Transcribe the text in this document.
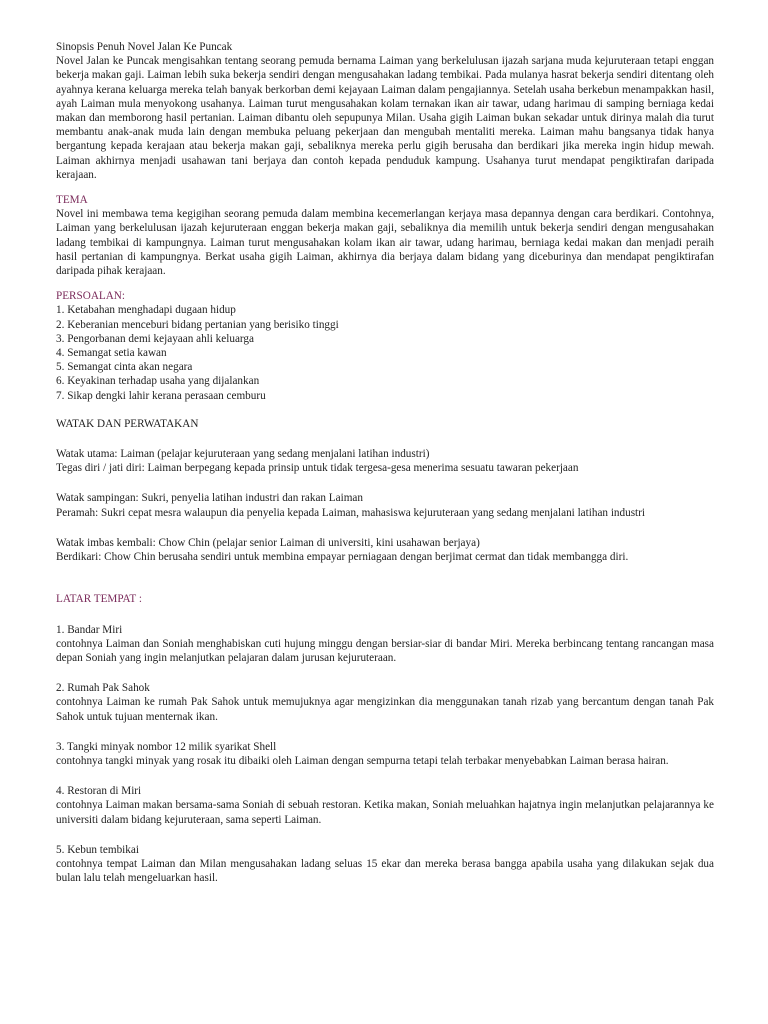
Sinopsis Penuh Novel Jalan Ke Puncak

Novel Jalan ke Puncak mengisahkan tentang seorang pemuda bernama Laiman yang berkelulusan ijazah sarjana muda kejuruteraan tetapi enggan bekerja makan gaji. Laiman lebih suka bekerja sendiri dengan mengusahakan ladang tembikai. Pada mulanya hasrat bekerja sendiri ditentang oleh ayahnya kerana keluarga mereka telah banyak berkorban demi kejayaan Laiman dalam pengajiannya. Setelah usaha berkebun menampakkan hasil, ayah Laiman mula menyokong usahanya. Laiman turut mengusahakan kolam ternakan ikan air tawar, udang harimau di samping berniaga kedai makan dan memborong hasil pertanian. Laiman dibantu oleh sepupunya Milan. Usaha gigih Laiman bukan sekadar untuk dirinya malah dia turut membantu anak-anak muda lain dengan membuka peluang pekerjaan dan mengubah mentaliti mereka. Laiman mahu bangsanya tidak hanya bergantung kepada kerajaan atau bekerja makan gaji, sebaliknya mereka perlu gigih berusaha dan berdikari jika mereka ingin hidup mewah. Laiman akhirnya menjadi usahawan tani berjaya dan contoh kepada penduduk kampung. Usahanya turut mendapat pengiktirafan daripada kerajaan.

TEMA

Novel ini membawa tema kegigihan seorang pemuda dalam membina kecemerlangan kerjaya masa depannya dengan cara berdikari. Contohnya, Laiman yang berkelulusan ijazah kejuruteraan enggan bekerja makan gaji, sebaliknya dia memilih untuk bekerja sendiri dengan mengusahakan ladang tembikai di kampungnya. Laiman turut mengusahakan kolam ikan air tawar, udang harimau, berniaga kedai makan dan menjadi peraih hasil pertanian di kampungnya. Berkat usaha gigih Laiman, akhirnya dia berjaya dalam bidang yang diceburinya dan mendapat pengiktirafan daripada pihak kerajaan.

PERSOALAN:

1. Ketabahan menghadapi dugaan hidup
2. Keberanian menceburi bidang pertanian yang berisiko tinggi
3. Pengorbanan demi kejayaan ahli keluarga
4. Semangat setia kawan
5. Semangat cinta akan negara
6. Keyakinan terhadap usaha yang dijalankan
7. Sikap dengki lahir kerana perasaan cemburu

WATAK DAN PERWATAKAN

Watak utama: Laiman (pelajar kejuruteraan yang sedang menjalani latihan industri)

Tegas diri / jati diri: Laiman berpegang kepada prinsip untuk tidak tergesa-gesa menerima sesuatu tawaran pekerjaan

Watak sampingan: Sukri, penyelia latihan industri dan rakan Laiman

Peramah: Sukri cepat mesra walaupun dia penyelia kepada Laiman, mahasiswa kejuruteraan yang sedang menjalani latihan industri

Watak imbas kembali: Chow Chin (pelajar senior Laiman di universiti, kini usahawan berjaya)

Berdikari: Chow Chin berusaha sendiri untuk membina empayar perniagaan dengan berjimat cermat dan tidak membangga diri.

LATAR TEMPAT :

1. Bandar Miri

contohnya Laiman dan Soniah menghabiskan cuti hujung minggu dengan bersiar-siar di bandar Miri. Mereka berbincang tentang rancangan masa depan Soniah yang ingin melanjutkan pelajaran dalam jurusan kejuruteraan.

2. Rumah Pak Sahok

contohnya Laiman ke rumah Pak Sahok untuk memujuknya agar mengizinkan dia menggunakan tanah rizab yang bercantum dengan tanah Pak Sahok untuk tujuan menternak ikan.

3. Tangki minyak nombor 12 milik syarikat Shell

contohnya tangki minyak yang rosak itu dibaiki oleh Laiman dengan sempurna tetapi telah terbakar menyebabkan Laiman berasa hairan.

4. Restoran di Miri

contohnya Laiman makan bersama-sama Soniah di sebuah restoran. Ketika makan, Soniah meluahkan hajatnya ingin melanjutkan pelajarannya ke universiti dalam bidang kejuruteraan, sama seperti Laiman.

5. Kebun tembikai

contohnya tempat Laiman dan Milan mengusahakan ladang seluas 15 ekar dan mereka berasa bangga apabila usaha yang dilakukan sejak dua bulan lalu telah mengeluarkan hasil.
